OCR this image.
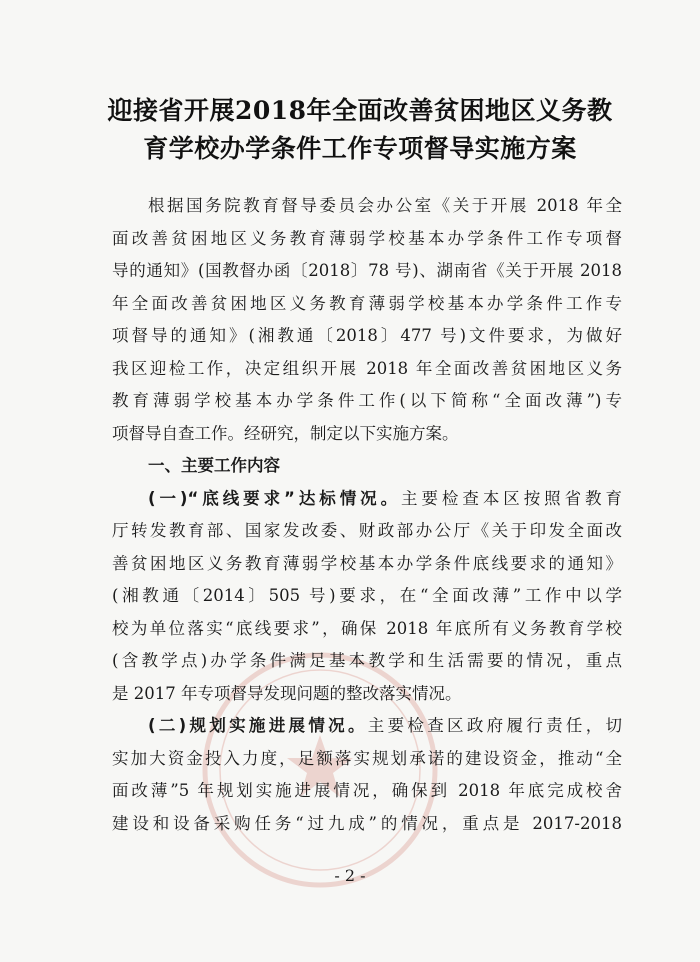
迎接省开展2018年全面改善贫困地区义务教
育学校办学条件工作专项督导实施方案
根据国务院教育督导委员会办公室《关于开展 2018 年全
面改善贫困地区义务教育薄弱学校基本办学条件工作专项督
导的通知》(国教督办函〔2018〕78 号)、湖南省《关于开展 2018
年全面改善贫困地区义务教育薄弱学校基本办学条件工作专
项督导的通知》(湘教通〔2018〕477 号)文件要求，为做好
我区迎检工作，决定组织开展 2018 年全面改善贫困地区义务
教育薄弱学校基本办学条件工作(以下简称“全面改薄”)专
项督导自查工作。经研究，制定以下实施方案。
一、主要工作内容
(一)“底线要求”达标情况。主要检查本区按照省教育
厅转发教育部、国家发改委、财政部办公厅《关于印发全面改
善贫困地区义务教育薄弱学校基本办学条件底线要求的通知》
(湘教通〔2014〕505 号)要求，在“全面改薄”工作中以学
校为单位落实“底线要求”，确保 2018 年底所有义务教育学校
(含教学点)办学条件满足基本教学和生活需要的情况，重点
是 2017 年专项督导发现问题的整改落实情况。
(二)规划实施进展情况。主要检查区政府履行责任，切
实加大资金投入力度，足额落实规划承诺的建设资金，推动“全
面改薄”5 年规划实施进展情况，确保到 2018 年底完成校舍
建设和设备采购任务“过九成”的情况，重点是 2017-2018
- 2 -
